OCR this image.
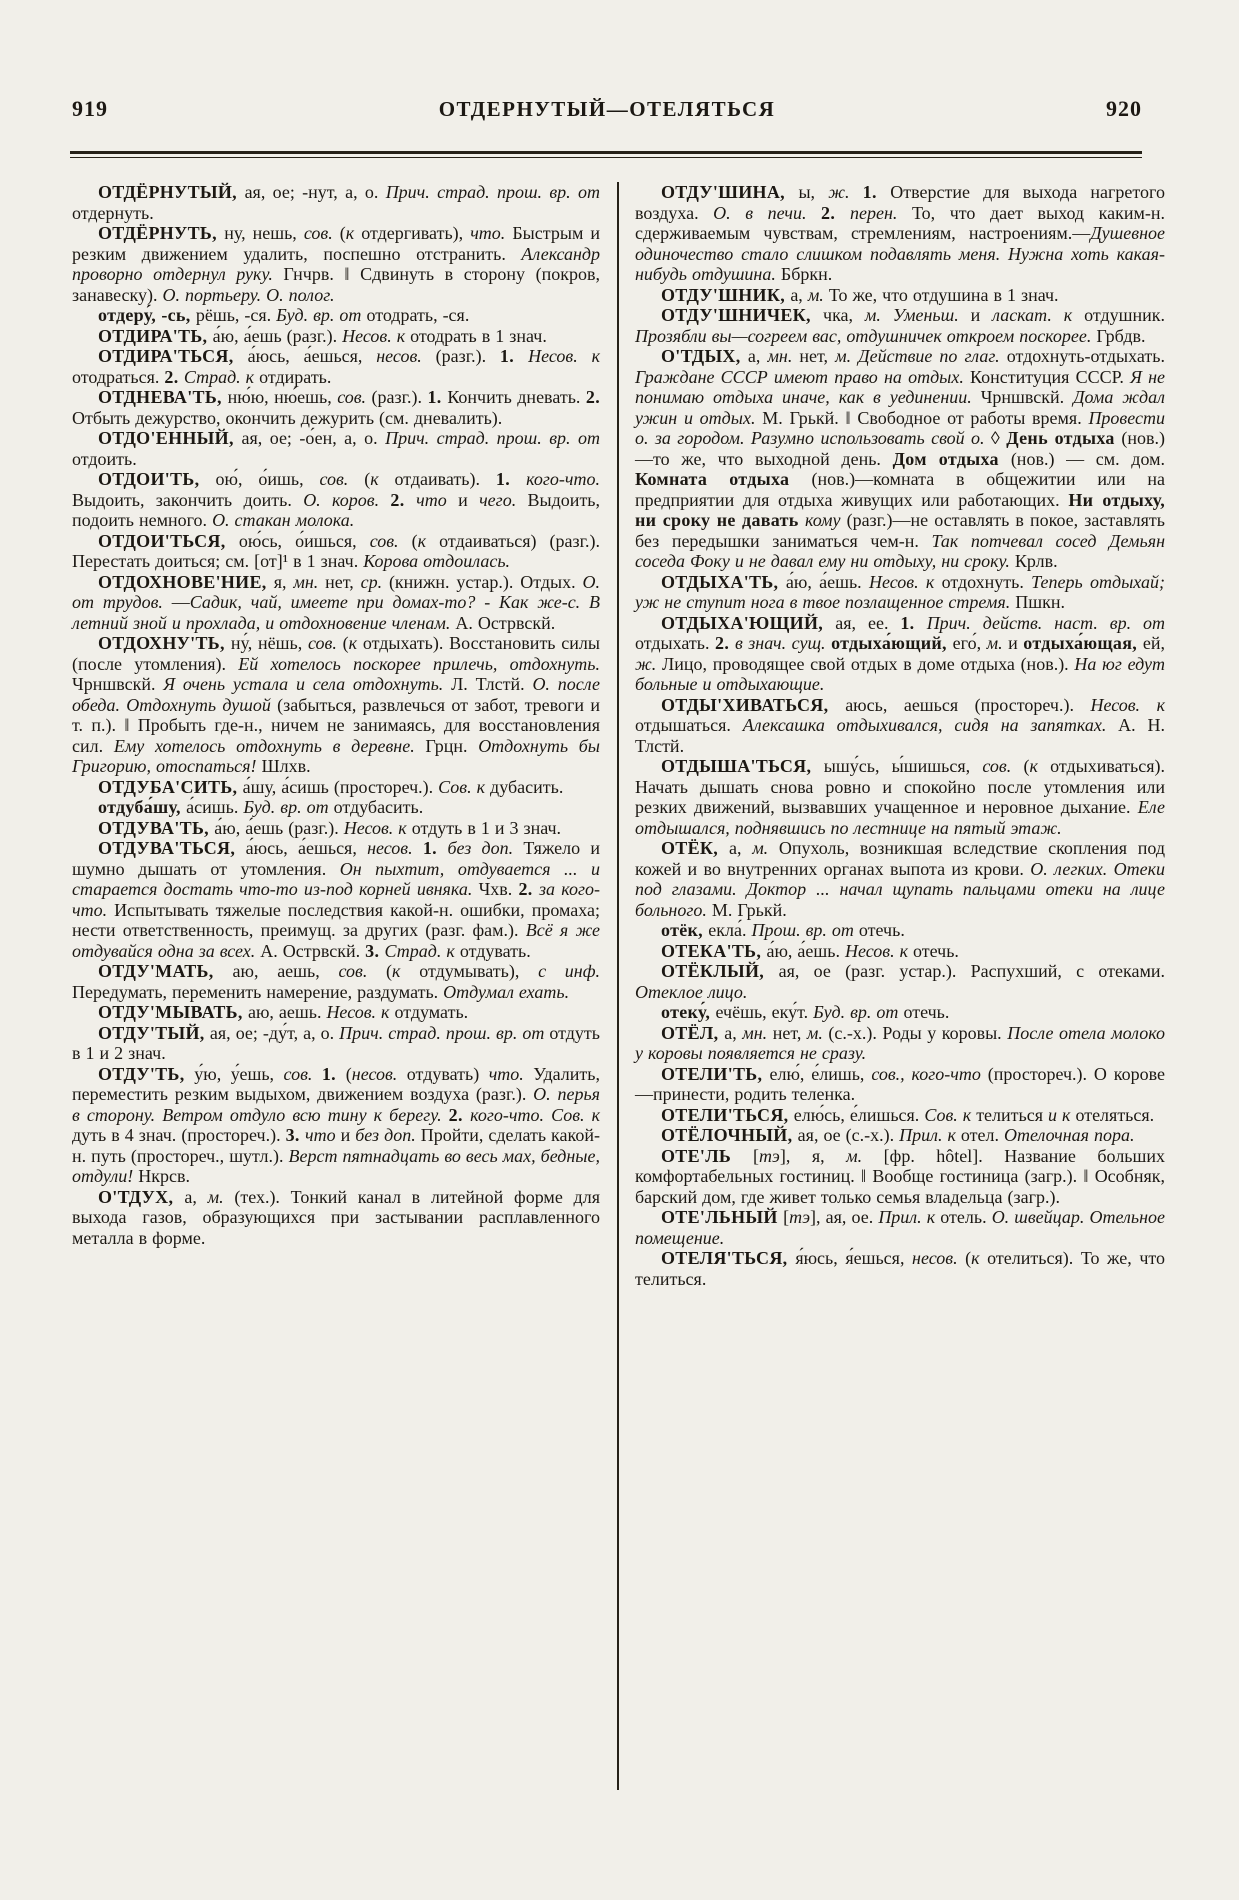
919	ОТДЕРНУТЫЙ—ОТЕЛЯТЬСЯ	920

ОТДЁРНУТЫЙ, ая, ое; -нут, а, о. Прич. страд. прош. вр. от отдернуть.

ОТДЁРНУТЬ, ну, нешь, сов. (к отдергивать), что. Быстрым и резким движением удалить, поспешно отстранить. Александр проворно отдернул руку. Гнчрв. ‖ Сдвинуть в сторону (покров, занавеску). О. портьеру. О. полог.

отдеру́, -сь, рёшь, -ся. Буд. вр. от отодрать, -ся.

ОТДИРА'ТЬ, а́ю, а́ешь (разг.). Несов. к отодрать в 1 знач.

ОТДИРА'ТЬСЯ, а́юсь, а́ешься, несов. (разг.). 1. Несов. к отодраться. 2. Страд. к отдирать.

ОТДНЕВА'ТЬ, ню́ю, ню́ешь, сов. (разг.). 1. Кончить дневать. 2. Отбыть дежурство, окончить дежурить (см. дневалить).

ОТДО'ЕННЫЙ, ая, ое; -о́ен, а, о. Прич. страд. прош. вр. от отдоить.

ОТДОИ'ТЬ, ою́, о́ишь, сов. (к отдаивать). 1. кого-что. Выдоить, закончить доить. О. коров. 2. что и чего. Выдоить, подоить немного. О. стакан молока.

ОТДОИ'ТЬСЯ, ою́сь, о́ишься, сов. (к отдаиваться) (разг.). Перестать доиться; см. [от]¹ в 1 знач. Корова отдоилась.

ОТДОХНОВЕ'НИЕ, я, мн. нет, ср. (книжн. устар.). Отдых. О. от трудов. —Садик, чай, имеете при домах-то? - Как же-с. В летний зной и прохлада, и отдохновение членам. А. Острвскй.

ОТДОХНУ'ТЬ, ну́, нёшь, сов. (к отдыхать). Восстановить силы (после утомления). Ей хотелось поскорее прилечь, отдохнуть. Чрншвскй. Я очень устала и села отдохнуть. Л. Тлстй. О. после обеда. Отдохнуть душой (забыться, развлечься от забот, тревоги и т. п.). ‖ Пробыть где-н., ничем не занимаясь, для восстановления сил. Ему хотелось отдохнуть в деревне. Грцн. Отдохнуть бы Григорию, отоспаться! Шлхв.

ОТДУБА'СИТЬ, а́шу, а́сишь (простореч.). Сов. к дубасить.

отдуба́шу, а́сишь. Буд. вр. от отдубасить.

ОТДУВА'ТЬ, а́ю, а́ешь (разг.). Несов. к отдуть в 1 и 3 знач.

ОТДУВА'ТЬСЯ, а́юсь, а́ешься, несов. 1. без доп. Тяжело и шумно дышать от утомления. Он пыхтит, отдувается ... и старается достать что-то из-под корней ивняка. Чхв. 2. за кого-что. Испытывать тяжелые последствия какой-н. ошибки, промаха; нести ответственность, преимущ. за других (разг. фам.). Всё я же отдувайся одна за всех. А. Острвскй. 3. Страд. к отдувать.

ОТДУ'МАТЬ, аю, аешь, сов. (к отдумывать), с инф. Передумать, переменить намерение, раздумать. Отдумал ехать.

ОТДУ'МЫВАТЬ, аю, аешь. Несов. к отдумать.

ОТДУ'ТЫЙ, ая, ое; -ду́т, а, о. Прич. страд. прош. вр. от отдуть в 1 и 2 знач.

ОТДУ'ТЬ, у́ю, у́ешь, сов. 1. (несов. отдувать) что. Удалить, переместить резким выдыхом, движением воздуха (разг.). О. перья в сторону. Ветром отдуло всю тину к берегу. 2. кого-что. Сов. к дуть в 4 знач. (простореч.). 3. что и без доп. Пройти, сделать какой-н. путь (простореч., шутл.). Верст пятнадцать во весь мах, бедные, отдули! Нкрсв.

О'ТДУХ, а, м. (тех.). Тонкий канал в литейной форме для выхода газов, образующихся при застывании расплавленного металла в форме.

ОТДУ'ШИНА, ы, ж. 1. Отверстие для выхода нагретого воздуха. О. в печи. 2. перен. То, что дает выход каким-н. сдерживаемым чувствам, стремлениям, настроениям.—Душевное одиночество стало слишком подавлять меня. Нужна хоть какая-нибудь отдушина. Ббркн.

ОТДУ'ШНИК, а, м. То же, что отдушина в 1 знач.

ОТДУ'ШНИЧЕК, чка, м. Уменьш. и ласкат. к отдушник. Прозябли вы—согреем вас, отдушничек откроем поскорее. Грбдв.

О'ТДЫХ, а, мн. нет, м. Действие по глаг. отдохнуть-отдыхать. Граждане СССР имеют право на отдых. Конституция СССР. Я не понимаю отдыха иначе, как в уединении. Чрншвскй. Дома ждал ужин и отдых. М. Грькй. ‖ Свободное от работы время. Провести о. за городом. Разумно использовать свой о. ◊ День отдыха (нов.)—то же, что выходной день. Дом отдыха (нов.) — см. дом. Комната отдыха (нов.)—комната в общежитии или на предприятии для отдыха живущих или работающих. Ни отдыху, ни сроку не давать кому (разг.)—не оставлять в покое, заставлять без передышки заниматься чем-н. Так потчевал сосед Демьян соседа Фоку и не давал ему ни отдыху, ни сроку. Крлв.

ОТДЫХА'ТЬ, а́ю, а́ешь. Несов. к отдохнуть. Теперь отдыхай; уж не ступит нога в твое позлащенное стремя. Пшкн.

ОТДЫХА'ЮЩИЙ, ая, ее. 1. Прич. действ. наст. вр. от отдыхать. 2. в знач. сущ. отдыха́ющий, его́, м. и отдыха́ющая, ей, ж. Лицо, проводящее свой отдых в доме отдыха (нов.). На юг едут больные и отдыхающие.

ОТДЫ'ХИВАТЬСЯ, аюсь, аешься (простореч.). Несов. к отдышаться. Алексашка отдыхивался, сидя на запятках. А. Н. Тлстй.

ОТДЫША'ТЬСЯ, ышу́сь, ы́шишься, сов. (к отдыхиваться). Начать дышать снова ровно и спокойно после утомления или резких движений, вызвавших учащенное и неровное дыхание. Еле отдышался, поднявшись по лестнице на пятый этаж.

ОТЁК, а, м. Опухоль, возникшая вследствие скопления под кожей и во внутренних органах выпота из крови. О. легких. Отеки под глазами. Доктор ... начал щупать пальцами отеки на лице больного. М. Грькй.

отёк, екла́. Прош. вр. от отечь.

ОТЕКА'ТЬ, а́ю, а́ешь. Несов. к отечь.

ОТЁКЛЫЙ, ая, ое (разг. устар.). Распухший, с отеками. Отеклое лицо.

отеку́, ечёшь, еку́т. Буд. вр. от отечь.

ОТЁЛ, а, мн. нет, м. (с.-х.). Роды у коровы. После отела молоко у коровы появляется не сразу.

ОТЕЛИ'ТЬ, елю́, е́лишь, сов., кого-что (простореч.). О корове—принести, родить теленка.

ОТЕЛИ'ТЬСЯ, елю́сь, е́лишься. Сов. к телиться и к отеляться.

ОТЁЛОЧНЫЙ, ая, ое (с.-х.). Прил. к отел. Отелочная пора.

ОТЕ'ЛЬ [тэ], я, м. [фр. hôtel]. Название больших комфортабельных гостиниц. ‖ Вообще гостиница (загр.). ‖ Особняк, барский дом, где живет только семья владельца (загр.).

ОТЕ'ЛЬНЫЙ [тэ], ая, ое. Прил. к отель. О. швейцар. Отельное помещение.

ОТЕЛЯ'ТЬСЯ, я́юсь, я́ешься, несов. (к отелиться). То же, что телиться.
